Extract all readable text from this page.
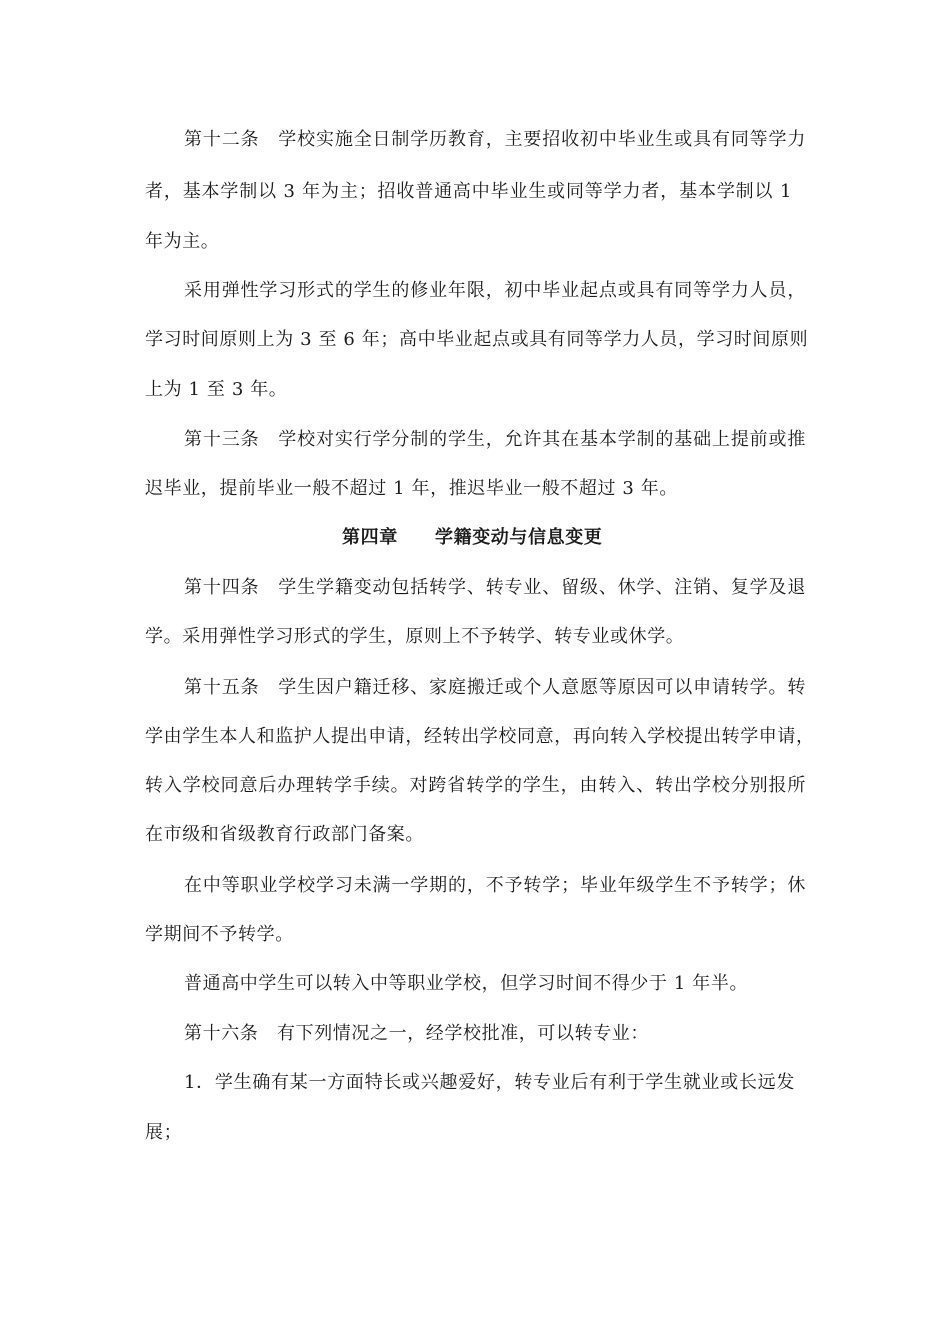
第十二条　学校实施全日制学历教育，主要招收初中毕业生或具有同等学力
者，基本学制以 3 年为主；招收普通高中毕业生或同等学力者，基本学制以 1
年为主。
采用弹性学习形式的学生的修业年限，初中毕业起点或具有同等学力人员，
学习时间原则上为 3 至 6 年；高中毕业起点或具有同等学力人员，学习时间原则
上为 1 至 3 年。
第十三条　学校对实行学分制的学生，允许其在基本学制的基础上提前或推
迟毕业，提前毕业一般不超过 1 年，推迟毕业一般不超过 3 年。
第四章　　学籍变动与信息变更
第十四条　学生学籍变动包括转学、转专业、留级、休学、注销、复学及退
学。采用弹性学习形式的学生，原则上不予转学、转专业或休学。
第十五条　学生因户籍迁移、家庭搬迁或个人意愿等原因可以申请转学。转
学由学生本人和监护人提出申请，经转出学校同意，再向转入学校提出转学申请，
转入学校同意后办理转学手续。对跨省转学的学生，由转入、转出学校分别报所
在市级和省级教育行政部门备案。
在中等职业学校学习未满一学期的，不予转学；毕业年级学生不予转学；休
学期间不予转学。
普通高中学生可以转入中等职业学校，但学习时间不得少于 1 年半。
第十六条　有下列情况之一，经学校批准，可以转专业：
1．学生确有某一方面特长或兴趣爱好，转专业后有利于学生就业或长远发
展；
